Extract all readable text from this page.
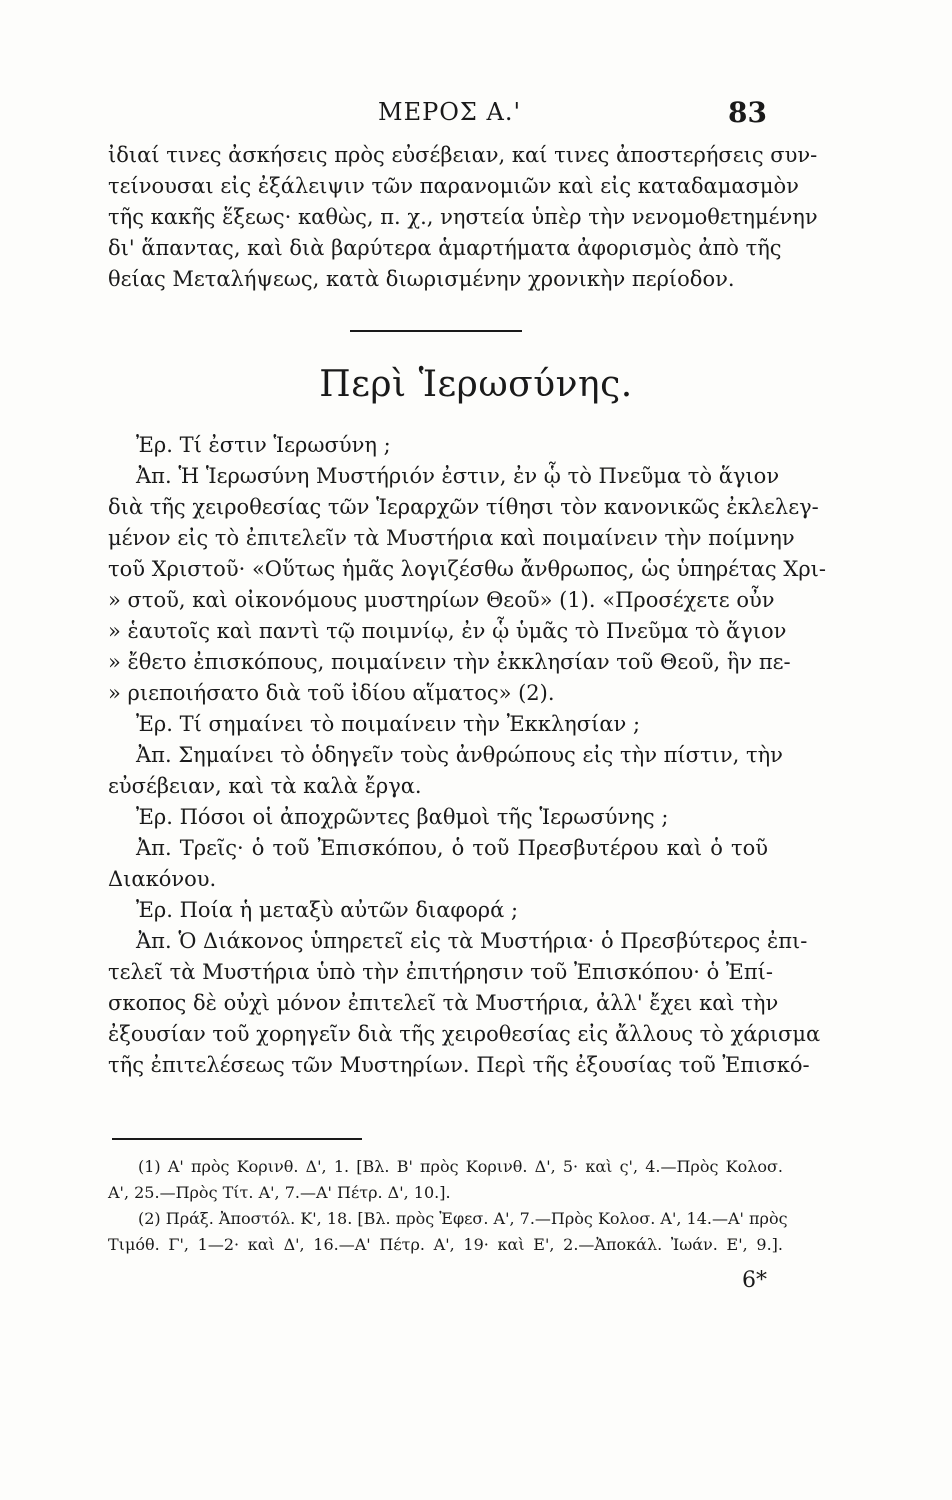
ΜΕΡΟΣ Α.'	83
ἰδιαί τινες ἀσκήσεις πρὸς εὐσέβειαν, καί τινες ἀποστερήσεις συν-
τείνουσαι εἰς ἐξάλειψιν τῶν παρανομιῶν καὶ εἰς καταδαμασμὸν
τῆς κακῆς ἕξεως· καθὼς, π. χ., νηστεία ὑπὲρ τὴν νενομοθετημένην
δι' ἅπαντας, καὶ διὰ βαρύτερα ἁμαρτήματα ἀφορισμὸς ἀπὸ τῆς
θείας Μεταλήψεως, κατὰ διωρισμένην χρονικὴν περίοδον.
Περὶ Ἱερωσύνης.
Ἐρ. Τί ἐστιν Ἱερωσύνη ;
Ἀπ. Ἡ Ἱερωσύνη Μυστήριόν ἐστιν, ἐν ᾧ τὸ Πνεῦμα τὸ ἅγιον
διὰ τῆς χειροθεσίας τῶν Ἱεραρχῶν τίθησι τὸν κανονικῶς ἐκλελεγ-
μένον εἰς τὸ ἐπιτελεῖν τὰ Μυστήρια καὶ ποιμαίνειν τὴν ποίμνην
τοῦ Χριστοῦ· «Οὕτως ἡμᾶς λογιζέσθω ἄνθρωπος, ὡς ὑπηρέτας Χρι-
» στοῦ, καὶ οἰκονόμους μυστηρίων Θεοῦ» (1). «Προσέχετε οὖν
» ἑαυτοῖς καὶ παντὶ τῷ ποιμνίῳ, ἐν ᾧ ὑμᾶς τὸ Πνεῦμα τὸ ἅγιον
» ἔθετο ἐπισκόπους, ποιμαίνειν τὴν ἐκκλησίαν τοῦ Θεοῦ, ἣν πε-
» ριεποιήσατο διὰ τοῦ ἰδίου αἵματος» (2).
Ἐρ. Τί σημαίνει τὸ ποιμαίνειν τὴν Ἐκκλησίαν ;
Ἀπ. Σημαίνει τὸ ὁδηγεῖν τοὺς ἀνθρώπους εἰς τὴν πίστιν, τὴν
εὐσέβειαν, καὶ τὰ καλὰ ἔργα.
Ἐρ. Πόσοι οἱ ἀποχρῶντες βαθμοὶ τῆς Ἱερωσύνης ;
Ἀπ. Τρεῖς· ὁ τοῦ Ἐπισκόπου, ὁ τοῦ Πρεσβυτέρου καὶ ὁ τοῦ
Διακόνου.
Ἐρ. Ποία ἡ μεταξὺ αὐτῶν διαφορά ;
Ἀπ. Ὁ Διάκονος ὑπηρετεῖ εἰς τὰ Μυστήρια· ὁ Πρεσβύτερος ἐπι-
τελεῖ τὰ Μυστήρια ὑπὸ τὴν ἐπιτήρησιν τοῦ Ἐπισκόπου· ὁ Ἐπί-
σκοπος δὲ οὐχὶ μόνον ἐπιτελεῖ τὰ Μυστήρια, ἀλλ' ἔχει καὶ τὴν
ἐξουσίαν τοῦ χορηγεῖν διὰ τῆς χειροθεσίας εἰς ἄλλους τὸ χάρισμα
τῆς ἐπιτελέσεως τῶν Μυστηρίων. Περὶ τῆς ἐξουσίας τοῦ Ἐπισκό-
(1) Α' πρὸς Κορινθ. Δ', 1. [Βλ. Β' πρὸς Κορινθ. Δ', 5· καὶ ς', 4.—Πρὸς Κολοσ.
Α', 25.—Πρὸς Τίτ. Α', 7.—Α' Πέτρ. Δ', 10.].
(2) Πράξ. Ἀποστόλ. Κ', 18. [Βλ. πρὸς Ἐφεσ. Α', 7.—Πρὸς Κολοσ. Α', 14.—Α' πρὸς
Τιμόθ. Γ', 1—2· καὶ Δ', 16.—Α' Πέτρ. Α', 19· καὶ Ε', 2.—Ἀποκάλ. Ἰωάν. Ε', 9.].
6*
